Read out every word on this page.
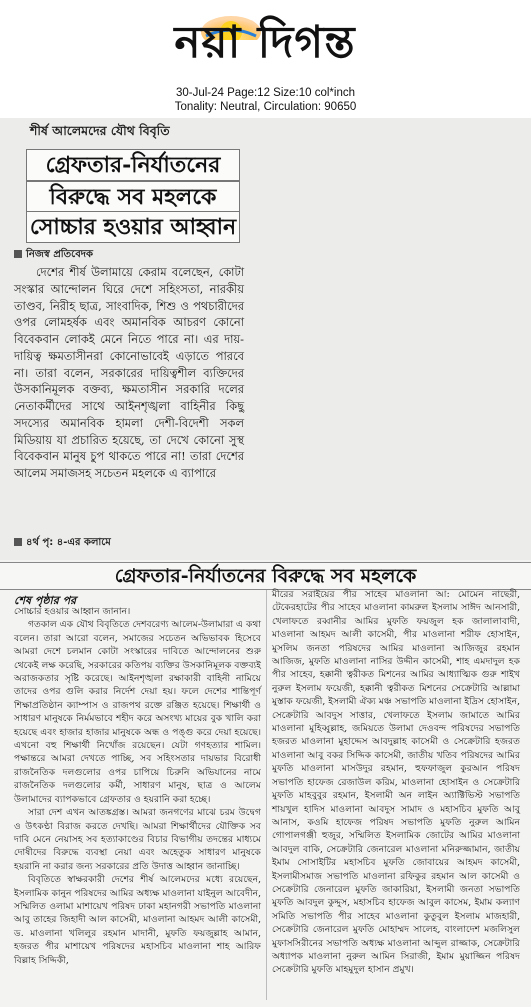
নয়া দিগন্ত
30-Jul-24 Page:12 Size:10 col*inch
Tonality: Neutral, Circulation: 90650
শীর্ষ আলেমদের যৌথ বিবৃতি
গ্রেফতার-নির্যাতনের
বিরুদ্ধে সব মহলকে
সোচ্চার হওয়ার আহ্বান
নিজস্ব প্রতিবেদক

দেশের শীর্ষ উলামায়ে কেরাম বলেছেন, কোটা সংস্কার আন্দোলন ঘিরে দেশে সহিংসতা, নারকীয় তাণ্ডব, নিরীহ ছাত্র, সাংবাদিক, শিশু ও পথচারীদের ওপর লোমহর্ষক এবং অমানবিক আচরণ কোনো বিবেকবান লোকই মেনে নিতে পারে না। এর দায়-দায়িত্ব ক্ষমতাসীনরা কোনোভাবেই এড়াতে পারবে না। তারা বলেন, সরকারের দায়িত্বশীল ব্যক্তিদের উসকানিমূলক বক্তব্য, ক্ষমতাসীন সরকারি দলের নেতাকর্মীদের সাথে আইনশৃঙ্খলা বাহিনীর কিছু সদস্যের অমানবিক হামলা দেশী-বিদেশী সকল মিডিয়ায় যা প্রচারিত হয়েছে, তা দেখে কোনো সুস্থ বিবেকবান মানুষ চুপ থাকতে পারে না! তারা দেশের আলেম সমাজসহ সচেতন মহলকে এ ব্যাপারে

৪র্থ পৃ: ৪-এর কলামে
গ্রেফতার-নির্যাতনের বিরুদ্ধে সব মহলকে
শেষ পৃষ্ঠার পর

সোচ্চার হওয়ার আহ্বান জানান।

গতকাল এক যৌথ বিবৃতিতে দেশবরেণ্য আলেম-উলামারা এ কথা বলেন। তারা আরো বলেন, সমাজের সচেতন অভিভাবক হিসেবে আমরা দেশে চলমান কোটা সংস্কারের দাবিতে আন্দোলনের শুরু থেকেই লক্ষ করেছি, সরকারের কতিপয় ব্যক্তির উসকানিমূলক বক্তব্যই অরাজকতার সৃষ্টি করেছে। আইনশৃঙ্খলা রক্ষাকারী বাহিনী নামিয়ে তাদের ওপর গুলি করার নির্দেশ দেয়া হয়। ফলে দেশের শান্তিপূর্ণ শিক্ষাপ্রতিষ্ঠান ক্যাম্পাস ও রাজপথ রক্তে রঞ্জিত হয়েছে। শিক্ষার্থী ও সাধারণ মানুষকে নির্মমভাবে শহীদ করে অসংখ্য মায়ের বুক খালি করা হয়েছে এবং হাজার হাজার মানুষকে অন্ধ ও পঙ্গু করে দেয়া হয়েছে। এখনো বহু শিক্ষার্থী নিখোঁজ রয়েছেন। যেটা গণহত্যার শামিল। পক্ষান্তরে আমরা দেখতে পাচ্ছি, সব সহিংসতার দায়ভার বিরোধী রাজনৈতিক দলগুলোর ওপর চাপিয়ে চিরুনি অভিযানের নামে রাজনৈতিক দলগুলোর কর্মী, সাধারণ মানুষ, ছাত্র ও আলেম উলামাদের ব্যাপকভাবে গ্রেফতার ও হয়রানি করা হচ্ছে।

সারা দেশ এখন আতঙ্কগ্রস্ত। আমরা জনগণের মাঝে চরম উদ্বেগ ও উৎকণ্ঠা বিরাজ করতে দেখছি। আমরা শিক্ষার্থীদের যৌক্তিক সব দাবি মেনে নেয়াসহ সব হত্যাকাণ্ডের বিচার বিভাগীয় তদন্তের মাধ্যমে দোষীদের বিরুদ্ধে ব্যবস্থা নেয়া এবং অহেতুক সাধারণ মানুষকে হয়রানি না করার জন্য সরকারের প্রতি উদাত্ত আহ্বান জানাচ্ছি।

বিবৃতিতে স্বাক্ষরকারী দেশের শীর্ষ আলেমদের মধ্যে রয়েছেন, ইসলামিক কানুন পরিষদের আমির অধ্যক্ষ মাওলানা যাইনুল আবেদীন, সম্মিলিত ওলামা মাশায়েখ পরিষদ ঢাকা মহানগরী সভাপতি মাওলানা আবু তাহের জিহাদী আল কাসেমী, মাওলানা আহমদ আলী কাসেমী, ড. মাওলানা খলিলুর রহমান মাদানী, মুফতি ফয়জুল্লাহ আমান, হজরত পীর মাশায়েখ পরিষদের মহাসচিব মাওলানা শাহ আরিফ বিল্লাহ সিদ্দিকী,

মীরের সরাইয়ের পীর সাহেব মাওলানা আ: মোমেন নাছেরী, টেকেরহাটের পীর সাহেব মাওলানা কামরুল ইসলাম সাঈদ আনসারী, খেলাফতে রব্বানীর আমির মুফতি ফয়জুল হক জালালাবাদী, মাওলানা আহমদ আলী কাসেমী, পীর মাওলানা শরীফ হোসাইন, মুসলিম জনতা পরিষদের আমির মাওলানা আজিজুর রহমান আজিজ, মুফতি মাওলানা নাসির উদ্দীন কাসেমী, শাহ এমদাদুল হক পীর সাহেব, হক্কানী ত্বরীকত মিশনের আমির আধ্যাত্মিক গুরু শাইখ নুরুল ইসলাম ফয়েজী, হক্কানী ত্বরীকত মিশনের সেক্রেটারি আল্লামা মুস্তাক ফয়েজী, ইসলামী ঐক্য মঞ্চ সভাপতি মাওলানা ইদ্রিস হোসাইন, সেক্রেটারি আবদুস সাত্তার, খেলাফতে ইসলাম জামাতে আমির মাওলানা মুহিব্বুল্লাহ, জমিয়তে উলামা দেওবন্দ পরিষদের সভাপতি হজরত মাওলানা মুহাদ্দেস আবদুল্লাহ কাসেমী ও সেক্রেটারি হজরত মাওলানা আবু বকর সিদ্দিক কাসেমী, জাতীয় খতিব পরিষদের আমির মুফতি মাওলানা মাসউদুর রহমান, হুফফাজুল কুরআন পরিষদ সভাপতি হাফেজ রেজাউল করিম, মাওলানা হোসাইন ও সেক্রেটারি মুফতি মাহবুবুর রহমান, ইসলামী অন লাইন অ্যাক্টিভিস্ট সভাপতি শায়খুল হাদিস মাওলানা আবদুস সামাদ ও মহাসচিব মুফতি আবু আনাস, কওমি হাফেজ পরিষদ সভাপতি মুফতি নুরুল আমিন গোপালগঞ্জী হুজুর, সম্মিলিত ইসলামিক জোটের আমির মাওলানা আবদুল বাকি, সেক্রেটারি জেনারেল মাওলানা মনিরুজ্জামান, জাতীয় ইমাম সোসাইটির মহাসচিব মুফতি জোবায়ের আহমদ কাসেমী, ইসলামীসমাজ সভাপতি মাওলানা রফিকুর রহমান আল কাসেমী ও সেক্রেটারি জেনারেল মুফতি জাকারিয়া, ইসলামী জনতা সভাপতি মুফতি আবদুল কুদ্দুস, মহাসচিব হাফেজ আবুল কাসেম, ইমাম কল্যাণ সমিতি সভাপতি পীর সাহেব মাওলানা কুতুবুল ইসলাম মাজহারী, সেক্রেটারি জেনারেল মুফতি মোহাম্মদ সালেহ, বাংলাদেশ মজলিসুল মুফাসসিরীনের সভাপতি অধ্যক্ষ মাওলানা আব্দুল রাজ্জাক, সেক্রেটারি অধ্যাপক মাওলানা নুরুল আমিন সিরাজী, ইমাম মুয়াজ্জিন পরিষদ সেক্রেটারি মুফতি মাহমুদুল হাসান প্রমুখ।
